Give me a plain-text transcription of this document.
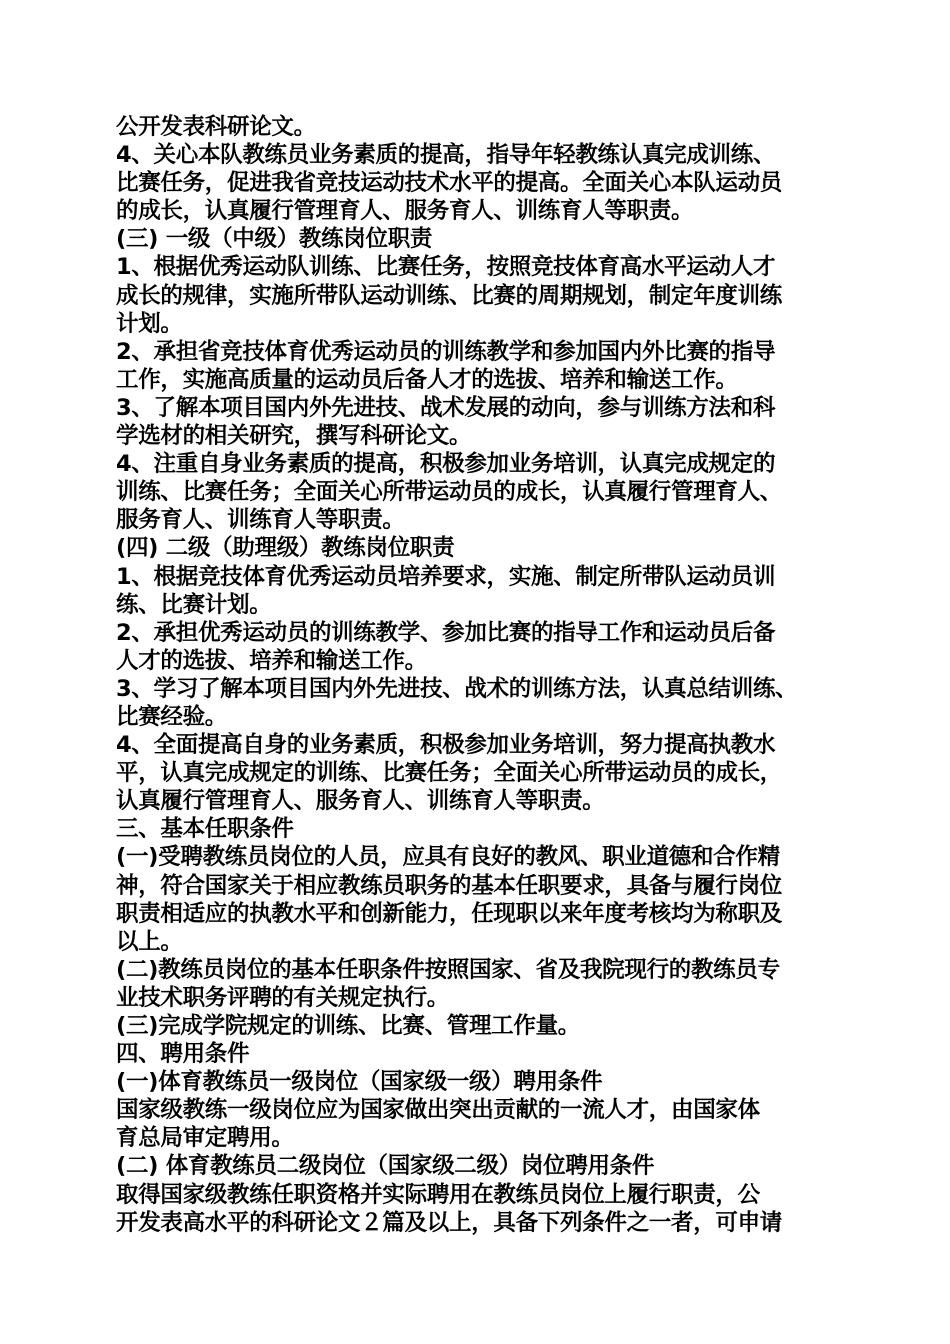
公开发表科研论文。
4、关心本队教练员业务素质的提高，指导年轻教练认真完成训练、
比赛任务，促进我省竞技运动技术水平的提高。全面关心本队运动员
的成长，认真履行管理育人、服务育人、训练育人等职责。
(三) 一级（中级）教练岗位职责
1、根据优秀运动队训练、比赛任务，按照竞技体育高水平运动人才
成长的规律，实施所带队运动训练、比赛的周期规划，制定年度训练
计划。
2、承担省竞技体育优秀运动员的训练教学和参加国内外比赛的指导
工作，实施高质量的运动员后备人才的选拔、培养和输送工作。
3、了解本项目国内外先进技、战术发展的动向，参与训练方法和科
学选材的相关研究，撰写科研论文。
4、注重自身业务素质的提高，积极参加业务培训，认真完成规定的
训练、比赛任务；全面关心所带运动员的成长，认真履行管理育人、
服务育人、训练育人等职责。
(四) 二级（助理级）教练岗位职责
1、根据竞技体育优秀运动员培养要求，实施、制定所带队运动员训
练、比赛计划。
2、承担优秀运动员的训练教学、参加比赛的指导工作和运动员后备
人才的选拔、培养和输送工作。
3、学习了解本项目国内外先进技、战术的训练方法，认真总结训练、
比赛经验。
4、全面提高自身的业务素质，积极参加业务培训，努力提高执教水
平，认真完成规定的训练、比赛任务；全面关心所带运动员的成长，
认真履行管理育人、服务育人、训练育人等职责。
三、基本任职条件
(一)受聘教练员岗位的人员，应具有良好的教风、职业道德和合作精
神，符合国家关于相应教练员职务的基本任职要求，具备与履行岗位
职责相适应的执教水平和创新能力，任现职以来年度考核均为称职及
以上。
(二)教练员岗位的基本任职条件按照国家、省及我院现行的教练员专
业技术职务评聘的有关规定执行。
(三)完成学院规定的训练、比赛、管理工作量。
四、聘用条件
(一)体育教练员一级岗位（国家级一级）聘用条件
国家级教练一级岗位应为国家做出突出贡献的一流人才，由国家体
育总局审定聘用。
(二) 体育教练员二级岗位（国家级二级）岗位聘用条件
取得国家级教练任职资格并实际聘用在教练员岗位上履行职责，公
开发表高水平的科研论文２篇及以上，具备下列条件之一者，可申请
